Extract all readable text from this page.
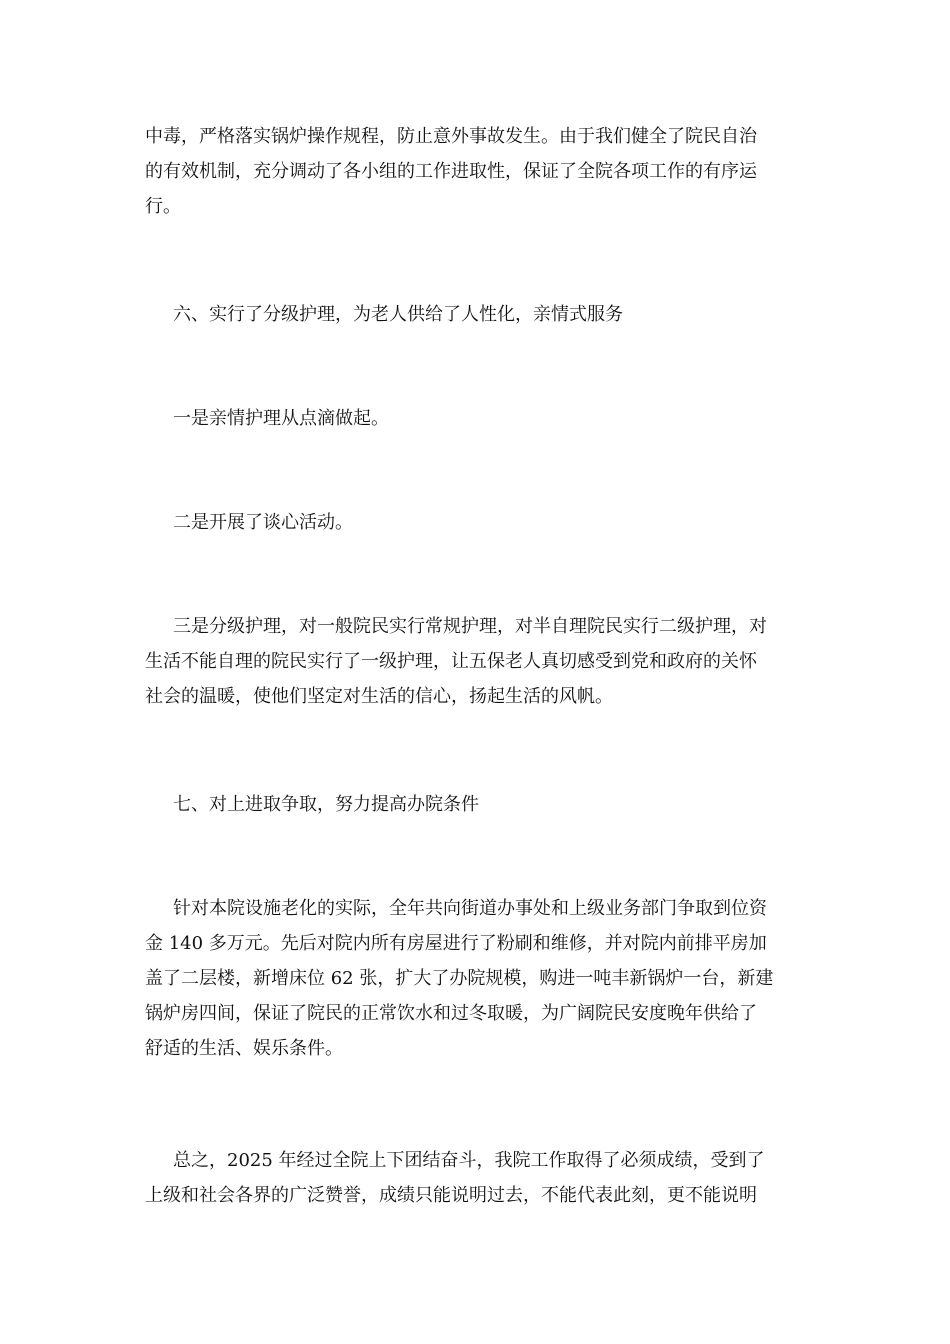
中毒，严格落实锅炉操作规程，防止意外事故发生。由于我们健全了院民自治
的有效机制，充分调动了各小组的工作进取性，保证了全院各项工作的有序运
行。
六、实行了分级护理，为老人供给了人性化，亲情式服务
一是亲情护理从点滴做起。
二是开展了谈心活动。
三是分级护理，对一般院民实行常规护理，对半自理院民实行二级护理，对
生活不能自理的院民实行了一级护理，让五保老人真切感受到党和政府的关怀
社会的温暖，使他们坚定对生活的信心，扬起生活的风帆。
七、对上进取争取，努力提高办院条件
针对本院设施老化的实际，全年共向街道办事处和上级业务部门争取到位资
金 140 多万元。先后对院内所有房屋进行了粉刷和维修，并对院内前排平房加
盖了二层楼，新增床位 62 张，扩大了办院规模，购进一吨丰新锅炉一台，新建
锅炉房四间，保证了院民的正常饮水和过冬取暖，为广阔院民安度晚年供给了
舒适的生活、娱乐条件。
总之，2025 年经过全院上下团结奋斗，我院工作取得了必须成绩，受到了
上级和社会各界的广泛赞誉，成绩只能说明过去，不能代表此刻，更不能说明
